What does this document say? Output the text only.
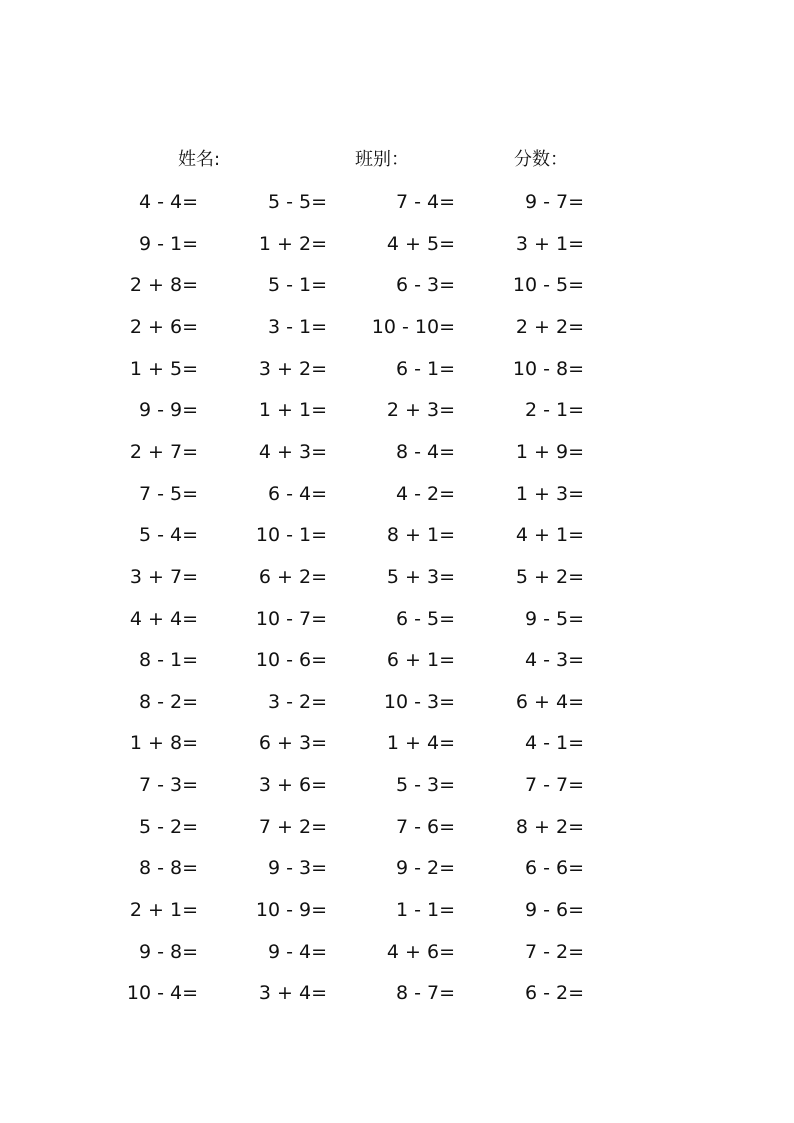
姓名:	班别：	分数：
4 - 4=
9 - 1=
2 + 8=
2 + 6=
1 + 5=
9 - 9=
2 + 7=
7 - 5=
5 - 4=
3 + 7=
4 + 4=
8 - 1=
8 - 2=
1 + 8=
7 - 3=
5 - 2=
8 - 8=
2 + 1=
9 - 8=
10 - 4=
5 - 5=
1 + 2=
5 - 1=
3 - 1=
3 + 2=
1 + 1=
4 + 3=
6 - 4=
10 - 1=
6 + 2=
10 - 7=
10 - 6=
3 - 2=
6 + 3=
3 + 6=
7 + 2=
9 - 3=
10 - 9=
9 - 4=
3 + 4=
7 - 4=
4 + 5=
6 - 3=
10 - 10=
6 - 1=
2 + 3=
8 - 4=
4 - 2=
8 + 1=
5 + 3=
6 - 5=
6 + 1=
10 - 3=
1 + 4=
5 - 3=
7 - 6=
9 - 2=
1 - 1=
4 + 6=
8 - 7=
9 - 7=
3 + 1=
10 - 5=
2 + 2=
10 - 8=
2 - 1=
1 + 9=
1 + 3=
4 + 1=
5 + 2=
9 - 5=
4 - 3=
6 + 4=
4 - 1=
7 - 7=
8 + 2=
6 - 6=
9 - 6=
7 - 2=
6 - 2=
